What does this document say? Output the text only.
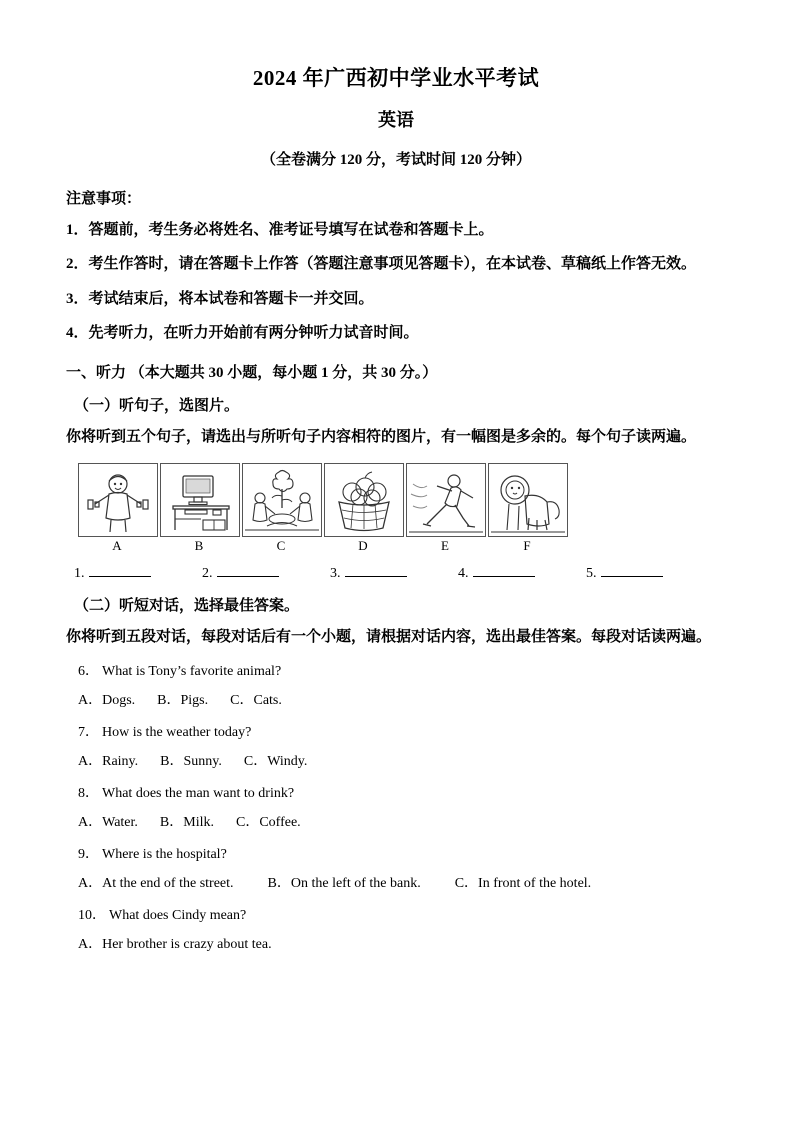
2024 年广西初中学业水平考试
英语
（全卷满分 120 分，考试时间 120 分钟）
注意事项：
1．答题前，考生务必将姓名、准考证号填写在试卷和答题卡上。
2．考生作答时，请在答题卡上作答（答题注意事项见答题卡），在本试卷、草稿纸上作答无效。
3．考试结束后，将本试卷和答题卡一并交回。
4．先考听力，在听力开始前有两分钟听力试音时间。
一、听力 （本大题共 30 小题，每小题 1 分，共 30 分。）
（一）听句子，选图片。
你将听到五个句子，请选出与所听句子内容相符的图片，有一幅图是多余的。每个句子读两遍。
A	B	C	D	E	F
1.	2.	3.	4.	5.
（二）听短对话，选择最佳答案。
你将听到五段对话，每段对话后有一个小题，请根据对话内容，选出最佳答案。每段对话读两遍。
6． What is Tony’s favorite animal?
A．Dogs. B．Pigs. C．Cats.
7． How is the weather today?
A．Rainy. B．Sunny. C．Windy.
8． What does the man want to drink?
A．Water. B．Milk. C．Coffee.
9． Where is the hospital?
A．At the end of the street. B．On the left of the bank. C．In front of the hotel.
10． What does Cindy mean?
A．Her brother is crazy about tea.
